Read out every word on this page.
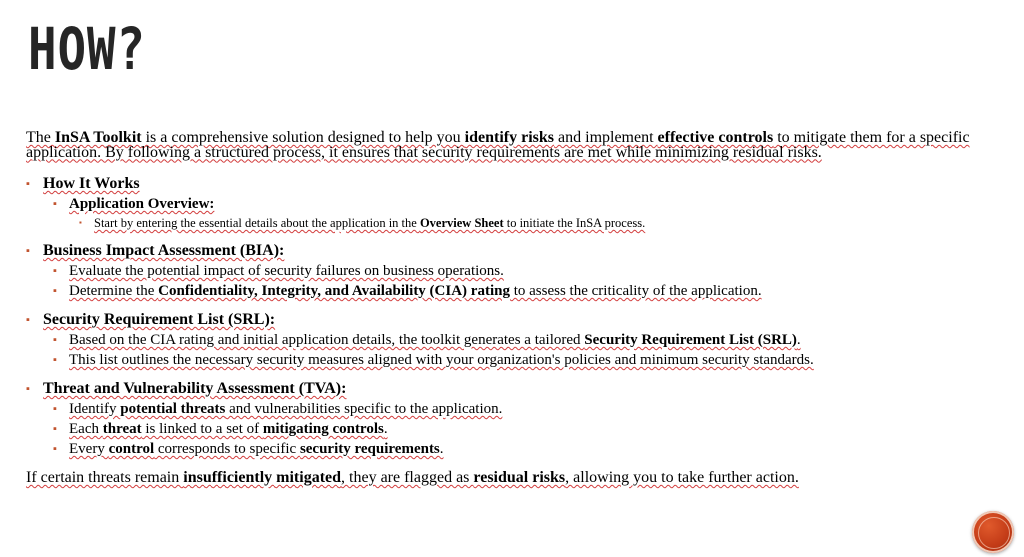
HOW?

The InSA Toolkit is a comprehensive solution designed to help you identify risks and implement effective controls to mitigate them for a specific application. By following a structured process, it ensures that security requirements are met while minimizing residual risks.

▪ How It Works
▪ Application Overview:
▪ Start by entering the essential details about the application in the Overview Sheet to initiate the InSA process.
▪ Business Impact Assessment (BIA):
▪ Evaluate the potential impact of security failures on business operations.
▪ Determine the Confidentiality, Integrity, and Availability (CIA) rating to assess the criticality of the application.
▪ Security Requirement List (SRL):
▪ Based on the CIA rating and initial application details, the toolkit generates a tailored Security Requirement List (SRL).
▪ This list outlines the necessary security measures aligned with your organization's policies and minimum security standards.
▪ Threat and Vulnerability Assessment (TVA):
▪ Identify potential threats and vulnerabilities specific to the application.
▪ Each threat is linked to a set of mitigating controls.
▪ Every control corresponds to specific security requirements.
If certain threats remain insufficiently mitigated, they are flagged as residual risks, allowing you to take further action.
